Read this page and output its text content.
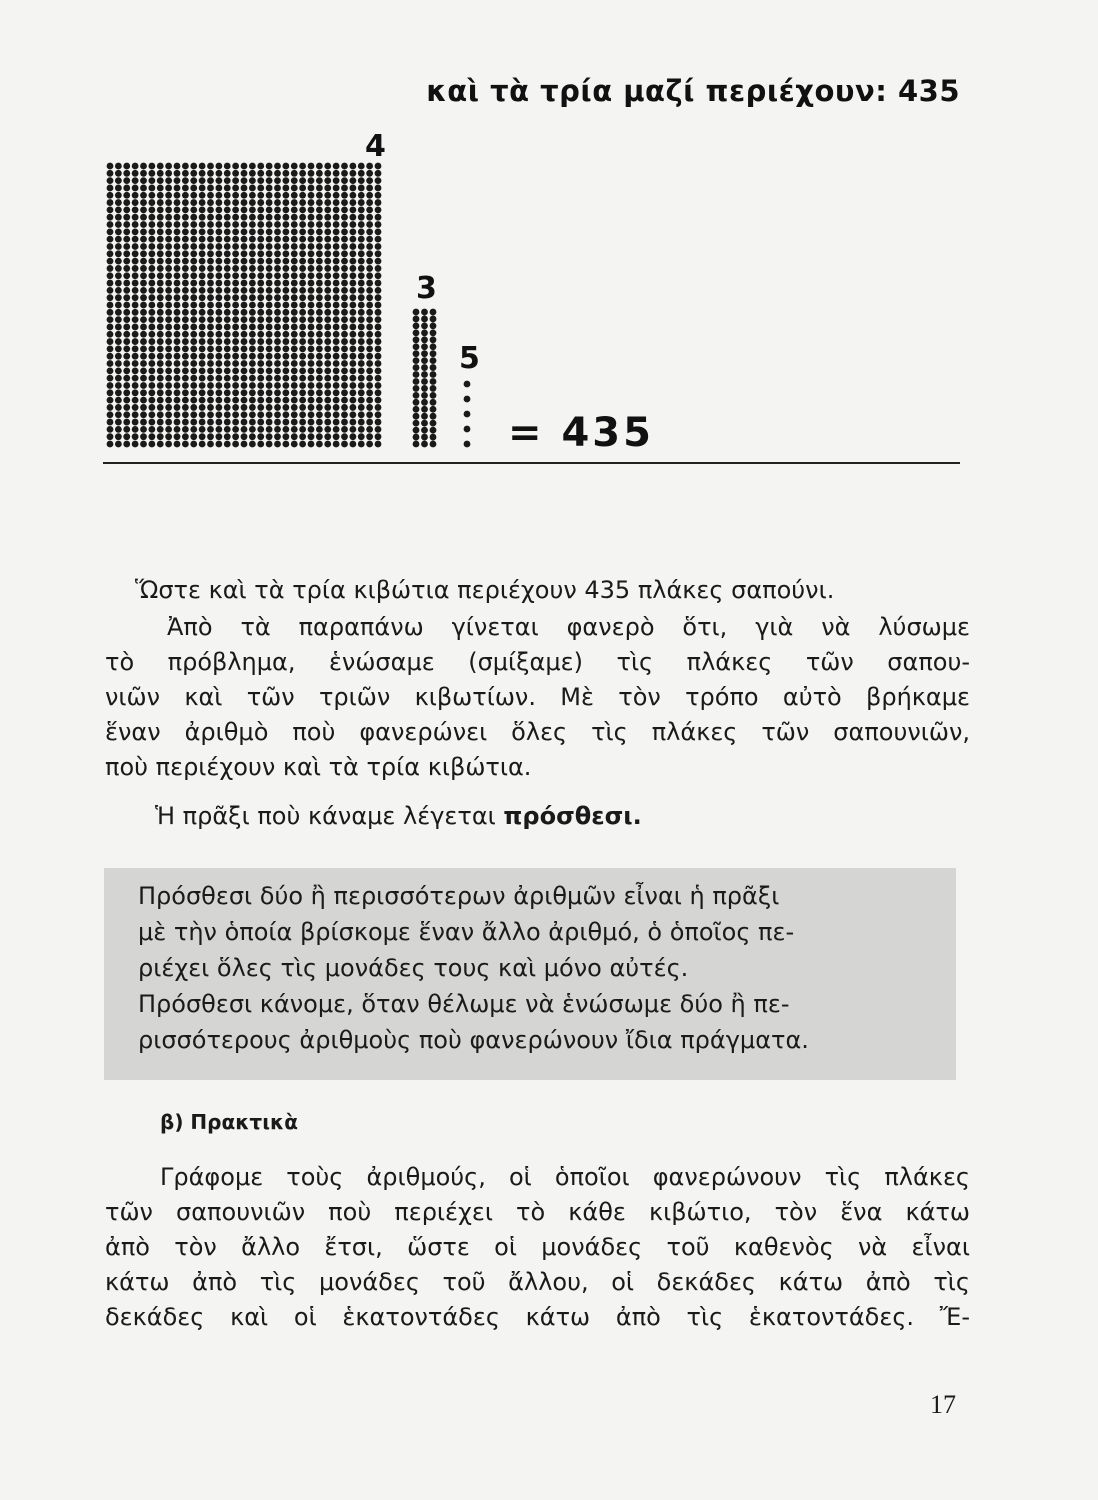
καὶ τὰ τρία μαζί περιέχουν: 435
4
3
5
= 435

Ὥστε καὶ τὰ τρία κιβώτια περιέχουν 435 πλάκες σαπούνι.

Ἀπὸ τὰ παραπάνω γίνεται φανερὸ ὅτι, γιὰ νὰ λύσωμε
τὸ πρόβλημα, ἑνώσαμε (σμίξαμε) τὶς πλάκες τῶν σαπου-
νιῶν καὶ τῶν τριῶν κιβωτίων. Μὲ τὸν τρόπο αὐτὸ βρήκαμε
ἕναν ἀριθμὸ ποὺ φανερώνει ὅλες τὶς πλάκες τῶν σαπουνιῶν,
ποὺ περιέχουν καὶ τὰ τρία κιβώτια.
Ἡ πρᾶξι ποὺ κάναμε λέγεται πρόσθεσι.
Πρόσθεσι δύο ἢ περισσότερων ἀριθμῶν εἶναι ἡ πρᾶξι
μὲ τὴν ὁποία βρίσκομε ἕναν ἄλλο ἀριθμό, ὁ ὁποῖος πε-
ριέχει ὅλες τὶς μονάδες τους καὶ μόνο αὐτές.
Πρόσθεσι κάνομε, ὅταν θέλωμε νὰ ἑνώσωμε δύο ἢ πε-
ρισσότερους ἀριθμοὺς ποὺ φανερώνουν ἴδια πράγματα.
β) Πρακτικὰ
Γράφομε τοὺς ἀριθμούς, οἱ ὁποῖοι φανερώνουν τὶς πλάκες
τῶν σαπουνιῶν ποὺ περιέχει τὸ κάθε κιβώτιο, τὸν ἕνα κάτω
ἀπὸ τὸν ἄλλο ἔτσι, ὥστε οἱ μονάδες τοῦ καθενὸς νὰ εἶναι
κάτω ἀπὸ τὶς μονάδες τοῦ ἄλλου, οἱ δεκάδες κάτω ἀπὸ τὶς
δεκάδες καὶ οἱ ἑκατοντάδες κάτω ἀπὸ τὶς ἑκατοντάδες. Ἔ-
17
